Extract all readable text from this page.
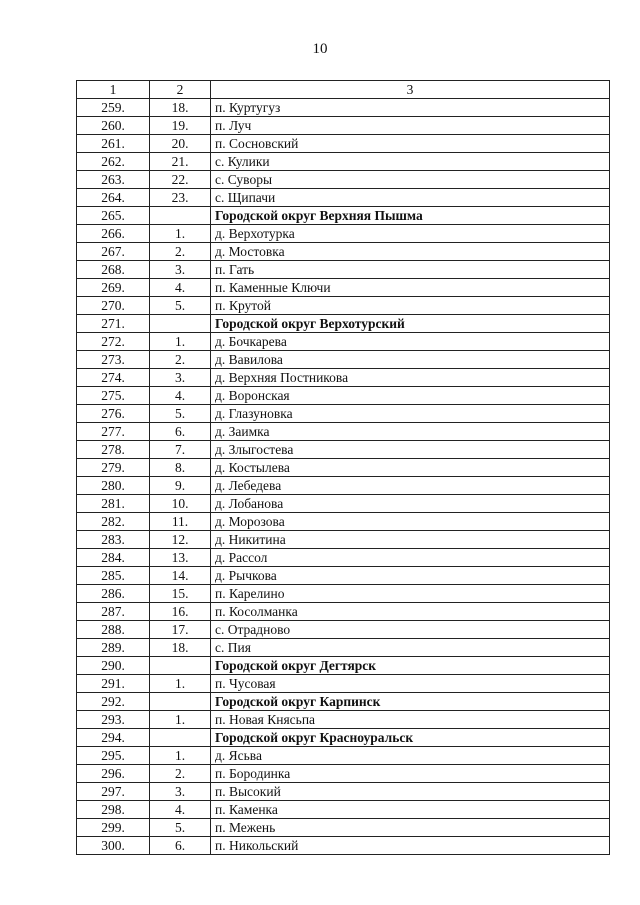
10
1	2	3
259.	18.	п. Куртугуз
260.	19.	п. Луч
261.	20.	п. Сосновский
262.	21.	с. Кулики
263.	22.	с. Суворы
264.	23.	с. Щипачи
265.		Городской округ Верхняя Пышма
266.	1.	д. Верхотурка
267.	2.	д. Мостовка
268.	3.	п. Гать
269.	4.	п. Каменные Ключи
270.	5.	п. Крутой
271.		Городской округ Верхотурский
272.	1.	д. Бочкарева
273.	2.	д. Вавилова
274.	3.	д. Верхняя Постникова
275.	4.	д. Воронская
276.	5.	д. Глазуновка
277.	6.	д. Заимка
278.	7.	д. Злыгостева
279.	8.	д. Костылева
280.	9.	д. Лебедева
281.	10.	д. Лобанова
282.	11.	д. Морозова
283.	12.	д. Никитина
284.	13.	д. Рассол
285.	14.	д. Рычкова
286.	15.	п. Карелино
287.	16.	п. Косолманка
288.	17.	с. Отрадново
289.	18.	с. Пия
290.		Городской округ Дегтярск
291.	1.	п. Чусовая
292.		Городской округ Карпинск
293.	1.	п. Новая Княсьпа
294.		Городской округ Красноуральск
295.	1.	д. Ясьва
296.	2.	п. Бородинка
297.	3.	п. Высокий
298.	4.	п. Каменка
299.	5.	п. Межень
300.	6.	п. Никольский
